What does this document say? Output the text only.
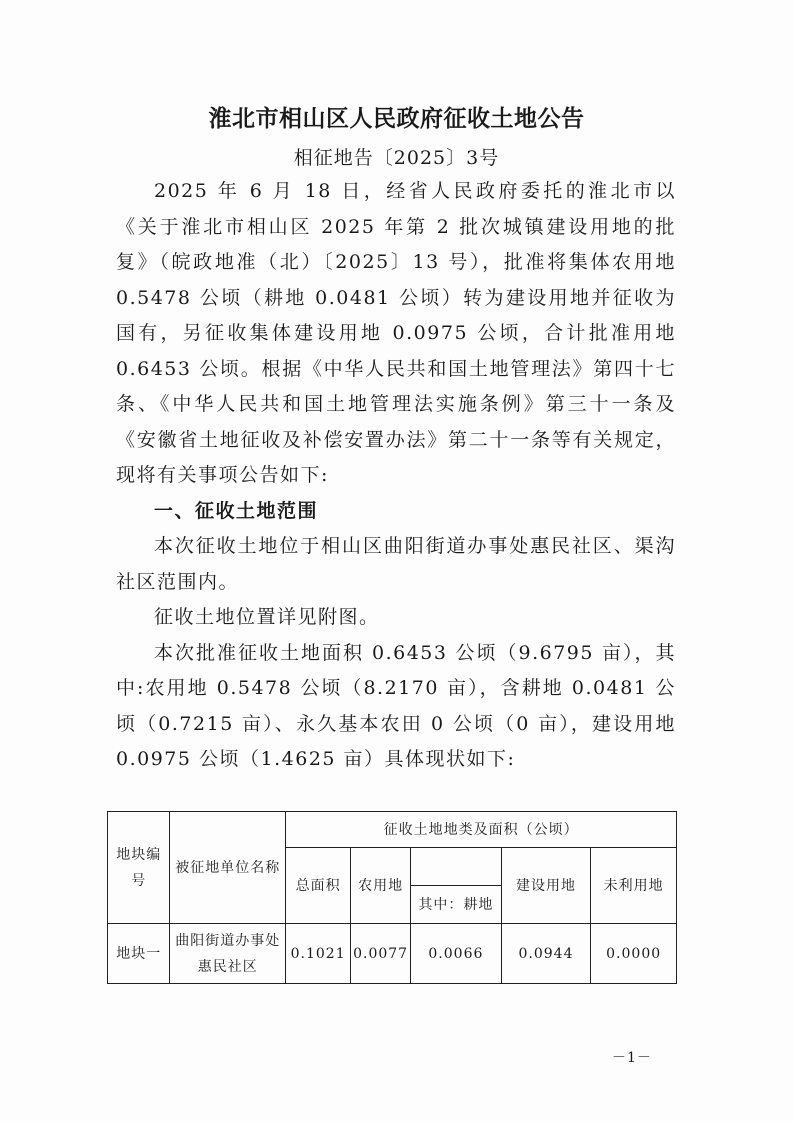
淮北市相山区人民政府征收土地公告
相征地告〔2025〕3号

2025 年 6 月 18 日，经省人民政府委托的淮北市以《关于淮北市相山区 2025 年第 2 批次城镇建设用地的批复》（皖政地准（北）〔2025〕13 号），批准将集体农用地 0.5478 公顷（耕地 0.0481 公顷）转为建设用地并征收为国有，另征收集体建设用地 0.0975 公顷，合计批准用地 0.6453 公顷。根据《中华人民共和国土地管理法》第四十七条、《中华人民共和国土地管理法实施条例》第三十一条及《安徽省土地征收及补偿安置办法》第二十一条等有关规定，现将有关事项公告如下:

一、征收土地范围

本次征收土地位于相山区曲阳街道办事处惠民社区、渠沟社区范围内。

征收土地位置详见附图。

本次批准征收土地面积 0.6453 公顷（9.6795 亩），其中:农用地 0.5478 公顷（8.2170 亩），含耕地 0.0481 公顷（0.7215 亩）、永久基本农田 0 公顷（0 亩），建设用地 0.0975 公顷（1.4625 亩）具体现状如下:

地块编号	被征地单位名称	征收土地地类及面积（公顷）				
		总面积	农用地		建设用地	未利用地
				其中：耕地		
地块一	曲阳街道办事处惠民社区	0.1021	0.0077	0.0066	0.0944	0.0000
－1－
